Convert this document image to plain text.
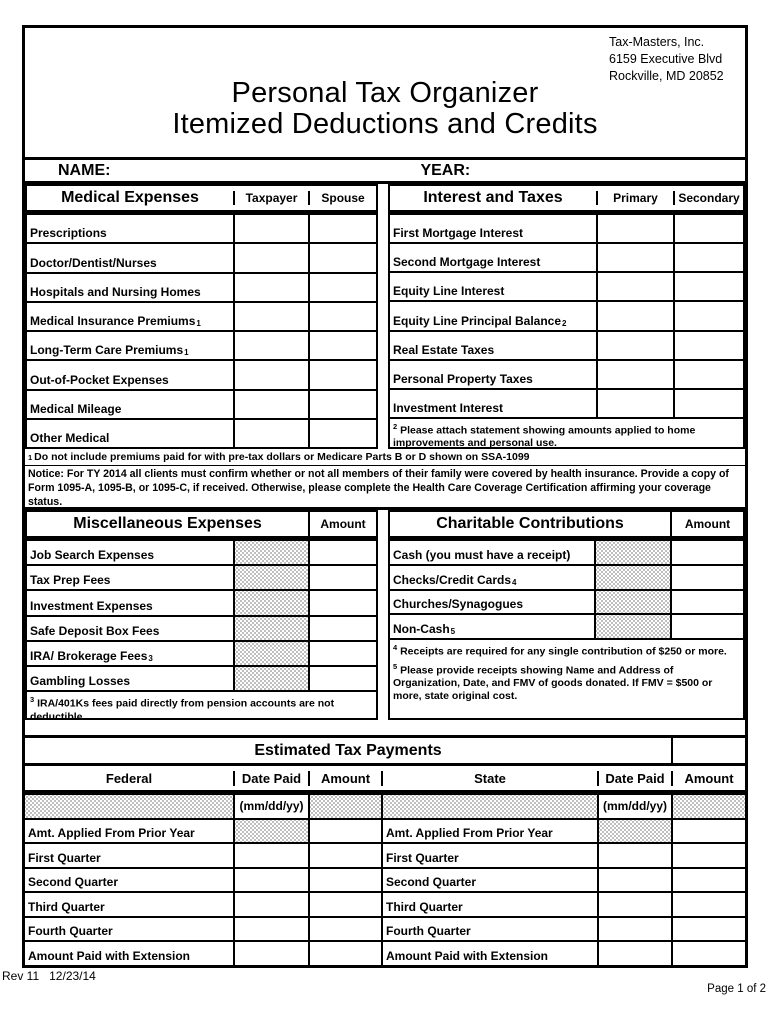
Tax-Masters, Inc.
6159 Executive Blvd
Rockville, MD 20852
Personal Tax Organizer
Itemized Deductions and Credits
NAME:	YEAR:
Medical Expenses	Taxpayer	Spouse
Prescriptions
Doctor/Dentist/Nurses
Hospitals and Nursing Homes
Medical Insurance Premiums$_1$
Long-Term Care Premiums$_1$
Out-of-Pocket Expenses
Medical Mileage
Other Medical
Interest and Taxes	Primary	Secondary
First Mortgage Interest
Second Mortgage Interest
Equity Line Interest
Equity Line Principal Balance$_2$
Real Estate Taxes
Personal Property Taxes
Investment Interest
$^2$ Please attach statement showing amounts applied to home improvements and personal use.
1 Do not include premiums paid for with pre-tax dollars or Medicare Parts B or D shown on SSA-1099
Notice: For TY 2014 all clients must confirm whether or not all members of their family were covered by health insurance. Provide a copy of Form 1095-A, 1095-B, or 1095-C, if received. Otherwise, please complete the Health Care Coverage Certification affirming your coverage status.
Miscellaneous Expenses	Amount
Job Search Expenses
Tax Prep Fees
Investment Expenses
Safe Deposit Box Fees
IRA/ Brokerage Fees$_3$
Gambling Losses
$^3$ IRA/401Ks fees paid directly from pension accounts are not deductible.
Charitable Contributions	Amount
Cash (you must have a receipt)
Checks/Credit Cards$_4$
Churches/Synagogues
Non-Cash$_5$
$^4$ Receipts are required for any single contribution of $250 or more.
$^5$ Please provide receipts showing Name and Address of Organization, Date, and FMV of goods donated. If FMV = $500 or more, state original cost.
Estimated Tax Payments
Federal	Date Paid	Amount	State	Date Paid	Amount
(mm/dd/yy)	(mm/dd/yy)
Amt. Applied From Prior Year	Amt. Applied From Prior Year
First Quarter	First Quarter
Second Quarter	Second Quarter
Third Quarter	Third Quarter
Fourth Quarter	Fourth Quarter
Amount Paid with Extension	Amount Paid with Extension
Rev 11   12/23/14
Page 1 of 2
